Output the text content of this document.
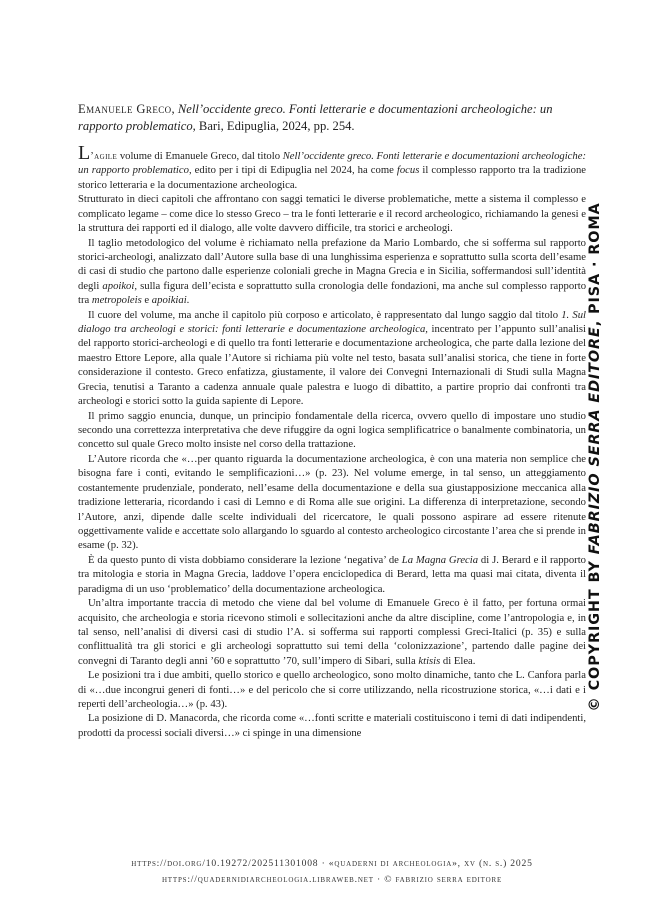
Emanuele Greco, Nell’occidente greco. Fonti letterarie e documentazioni archeologiche: un rapporto problematico, Bari, Edipuglia, 2024, pp. 254.

L’agile volume di Emanuele Greco, dal titolo Nell’occidente greco. Fonti letterarie e documentazioni archeologiche: un rapporto problematico, edito per i tipi di Edipuglia nel 2024, ha come focus il complesso rapporto tra la tradizione storico letteraria e la documentazione archeologica.

Strutturato in dieci capitoli che affrontano con saggi tematici le diverse problematiche, mette a sistema il complesso e complicato legame – come dice lo stesso Greco – tra le fonti letterarie e il record archeologico, richiamando la genesi e la struttura dei rapporti ed il dialogo, alle volte davvero difficile, tra storici e archeologi.

Il taglio metodologico del volume è richiamato nella prefazione da Mario Lombardo, che si sofferma sul rapporto storici-archeologi, analizzato dall’Autore sulla base di una lunghissima esperienza e soprattutto sulla scorta dell’esame di casi di studio che partono dalle esperienze coloniali greche in Magna Grecia e in Sicilia, soffermandosi sull’identità degli apoikoi, sulla figura dell’ecista e soprattutto sulla cronologia delle fondazioni, ma anche sul complesso rapporto tra metropoleis e apoikiai.

Il cuore del volume, ma anche il capitolo più corposo e articolato, è rappresentato dal lungo saggio dal titolo 1. Sul dialogo tra archeologi e storici: fonti letterarie e documentazione archeologica, incentrato per l’appunto sull’analisi del rapporto storici-archeologi e di quello tra fonti letterarie e documentazione archeologica, che parte dalla lezione del maestro Ettore Lepore, alla quale l’Autore si richiama più volte nel testo, basata sull’analisi storica, che tiene in forte considerazione il contesto. Greco enfatizza, giustamente, il valore dei Convegni Internazionali di Studi sulla Magna Grecia, tenutisi a Taranto a cadenza annuale quale palestra e luogo di dibattito, a partire proprio dai confronti tra archeologi e storici sotto la guida sapiente di Lepore.

Il primo saggio enuncia, dunque, un principio fondamentale della ricerca, ovvero quello di impostare uno studio secondo una correttezza interpretativa che deve rifuggire da ogni logica semplificatrice o banalmente combinatoria, un concetto sul quale Greco molto insiste nel corso della trattazione.

L’Autore ricorda che «…per quanto riguarda la documentazione archeologica, è con una materia non semplice che bisogna fare i conti, evitando le semplificazioni…» (p. 23). Nel volume emerge, in tal senso, un atteggiamento costantemente prudenziale, ponderato, nell’esame della documentazione e della sua giustapposizione meccanica alla tradizione letteraria, ricordando i casi di Lemno e di Roma alle sue origini. La differenza di interpretazione, secondo l’Autore, anzi, dipende dalle scelte individuali del ricercatore, le quali possono aspirare ad essere ritenute oggettivamente valide e accettate solo allargando lo sguardo al contesto archeologico circostante l’area che si prende in esame (p. 32).

È da questo punto di vista dobbiamo considerare la lezione ‘negativa’ de La Magna Grecia di J. Berard e il rapporto tra mitologia e storia in Magna Grecia, laddove l’opera enciclopedica di Berard, letta ma quasi mai citata, diventa il paradigma di un uso ‘problematico’ della documentazione archeologica.

Un’altra importante traccia di metodo che viene dal bel volume di Emanuele Greco è il fatto, per fortuna ormai acquisito, che archeologia e storia ricevono stimoli e sollecitazioni anche da altre discipline, come l’antropologia e, in tal senso, nell’analisi di diversi casi di studio l’A. si sofferma sui rapporti complessi Greci-Italici (p. 35) e sulla conflittualità tra gli storici e gli archeologi soprattutto sui temi della ‘colonizzazione’, partendo dalle pagine dei convegni di Taranto degli anni ’60 e soprattutto ’70, sull’impero di Sibari, sulla ktisis di Elea.

Le posizioni tra i due ambiti, quello storico e quello archeologico, sono molto dinamiche, tanto che L. Canfora parla di «…due incongrui generi di fonti…» e del pericolo che si corre utilizzando, nella ricostruzione storica, «…i dati e i reperti dell’archeologia…» (p. 43).

La posizione di D. Manacorda, che ricorda come «…fonti scritte e materiali costituiscono i temi di dati indipendenti, prodotti da processi sociali diversi…» ci spinge in una dimensione

© COPYRIGHT BY FABRIZIO SERRA EDITORE, PISA · ROMA
https://doi.org/10.19272/202511301008 · «quaderni di archeologia», xv (n. s.) 2025
https://quadernidiarcheologia.libraweb.net · © fabrizio serra editore
